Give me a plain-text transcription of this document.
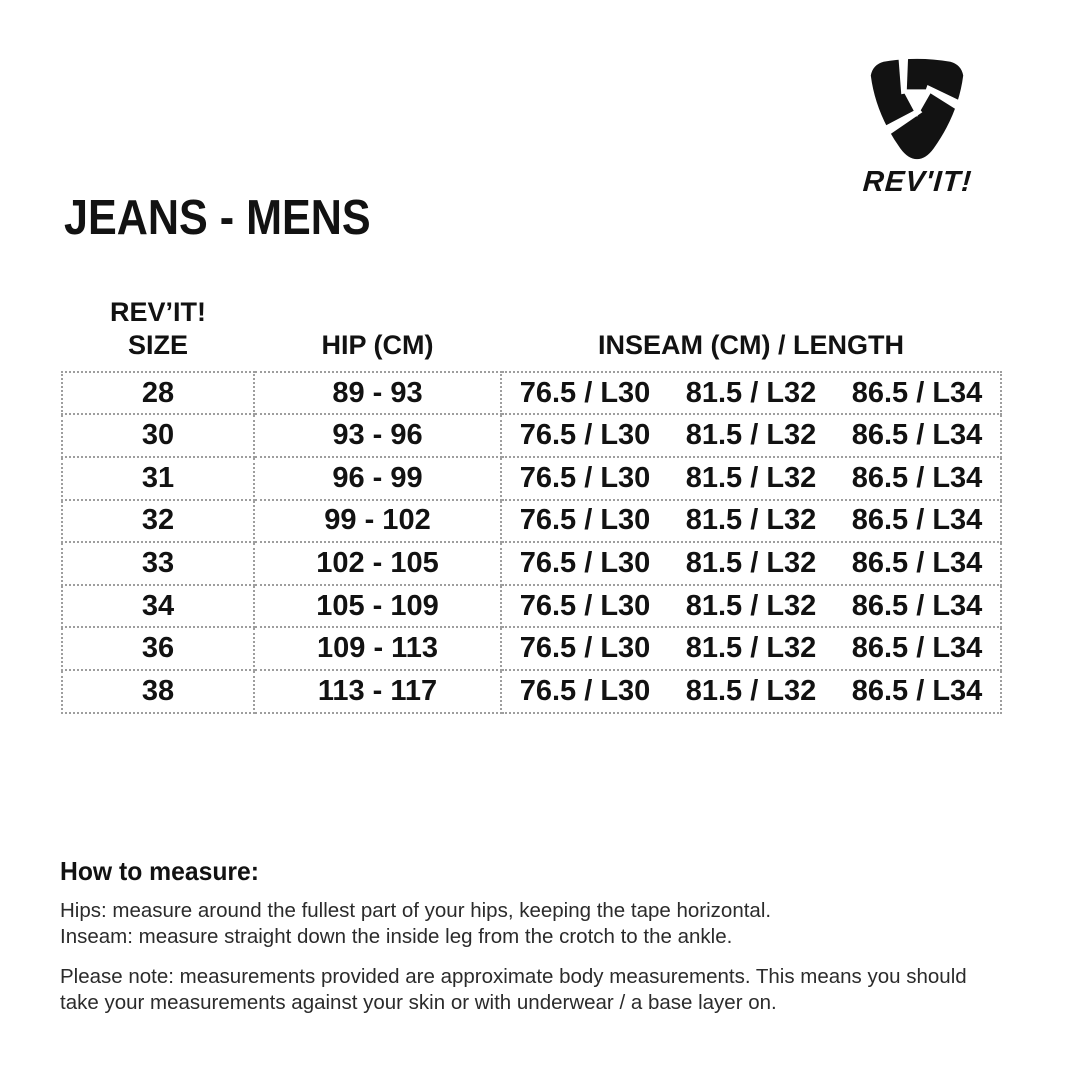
REV'IT!
JEANS - MENS
REV’IT!
SIZE	HIP (CM)	INSEAM (CM) / LENGTH
28	89 - 93	76.5 / L30 81.5 / L32 86.5 / L34

30	93 - 96	76.5 / L30 81.5 / L32 86.5 / L34

31	96 - 99	76.5 / L30 81.5 / L32 86.5 / L34

32	99 - 102	76.5 / L30 81.5 / L32 86.5 / L34

33	102 - 105	76.5 / L30 81.5 / L32 86.5 / L34

34	105 - 109	76.5 / L30 81.5 / L32 86.5 / L34

36	109 - 113	76.5 / L30 81.5 / L32 86.5 / L34

38	113 - 117	76.5 / L30 81.5 / L32 86.5 / L34
How to measure:
Hips: measure around the fullest part of your hips, keeping the tape horizontal.
Inseam: measure straight down the inside leg from the crotch to the ankle.
Please note: measurements provided are approximate body measurements. This means you should take your measurements against your skin or with underwear / a base layer on.
